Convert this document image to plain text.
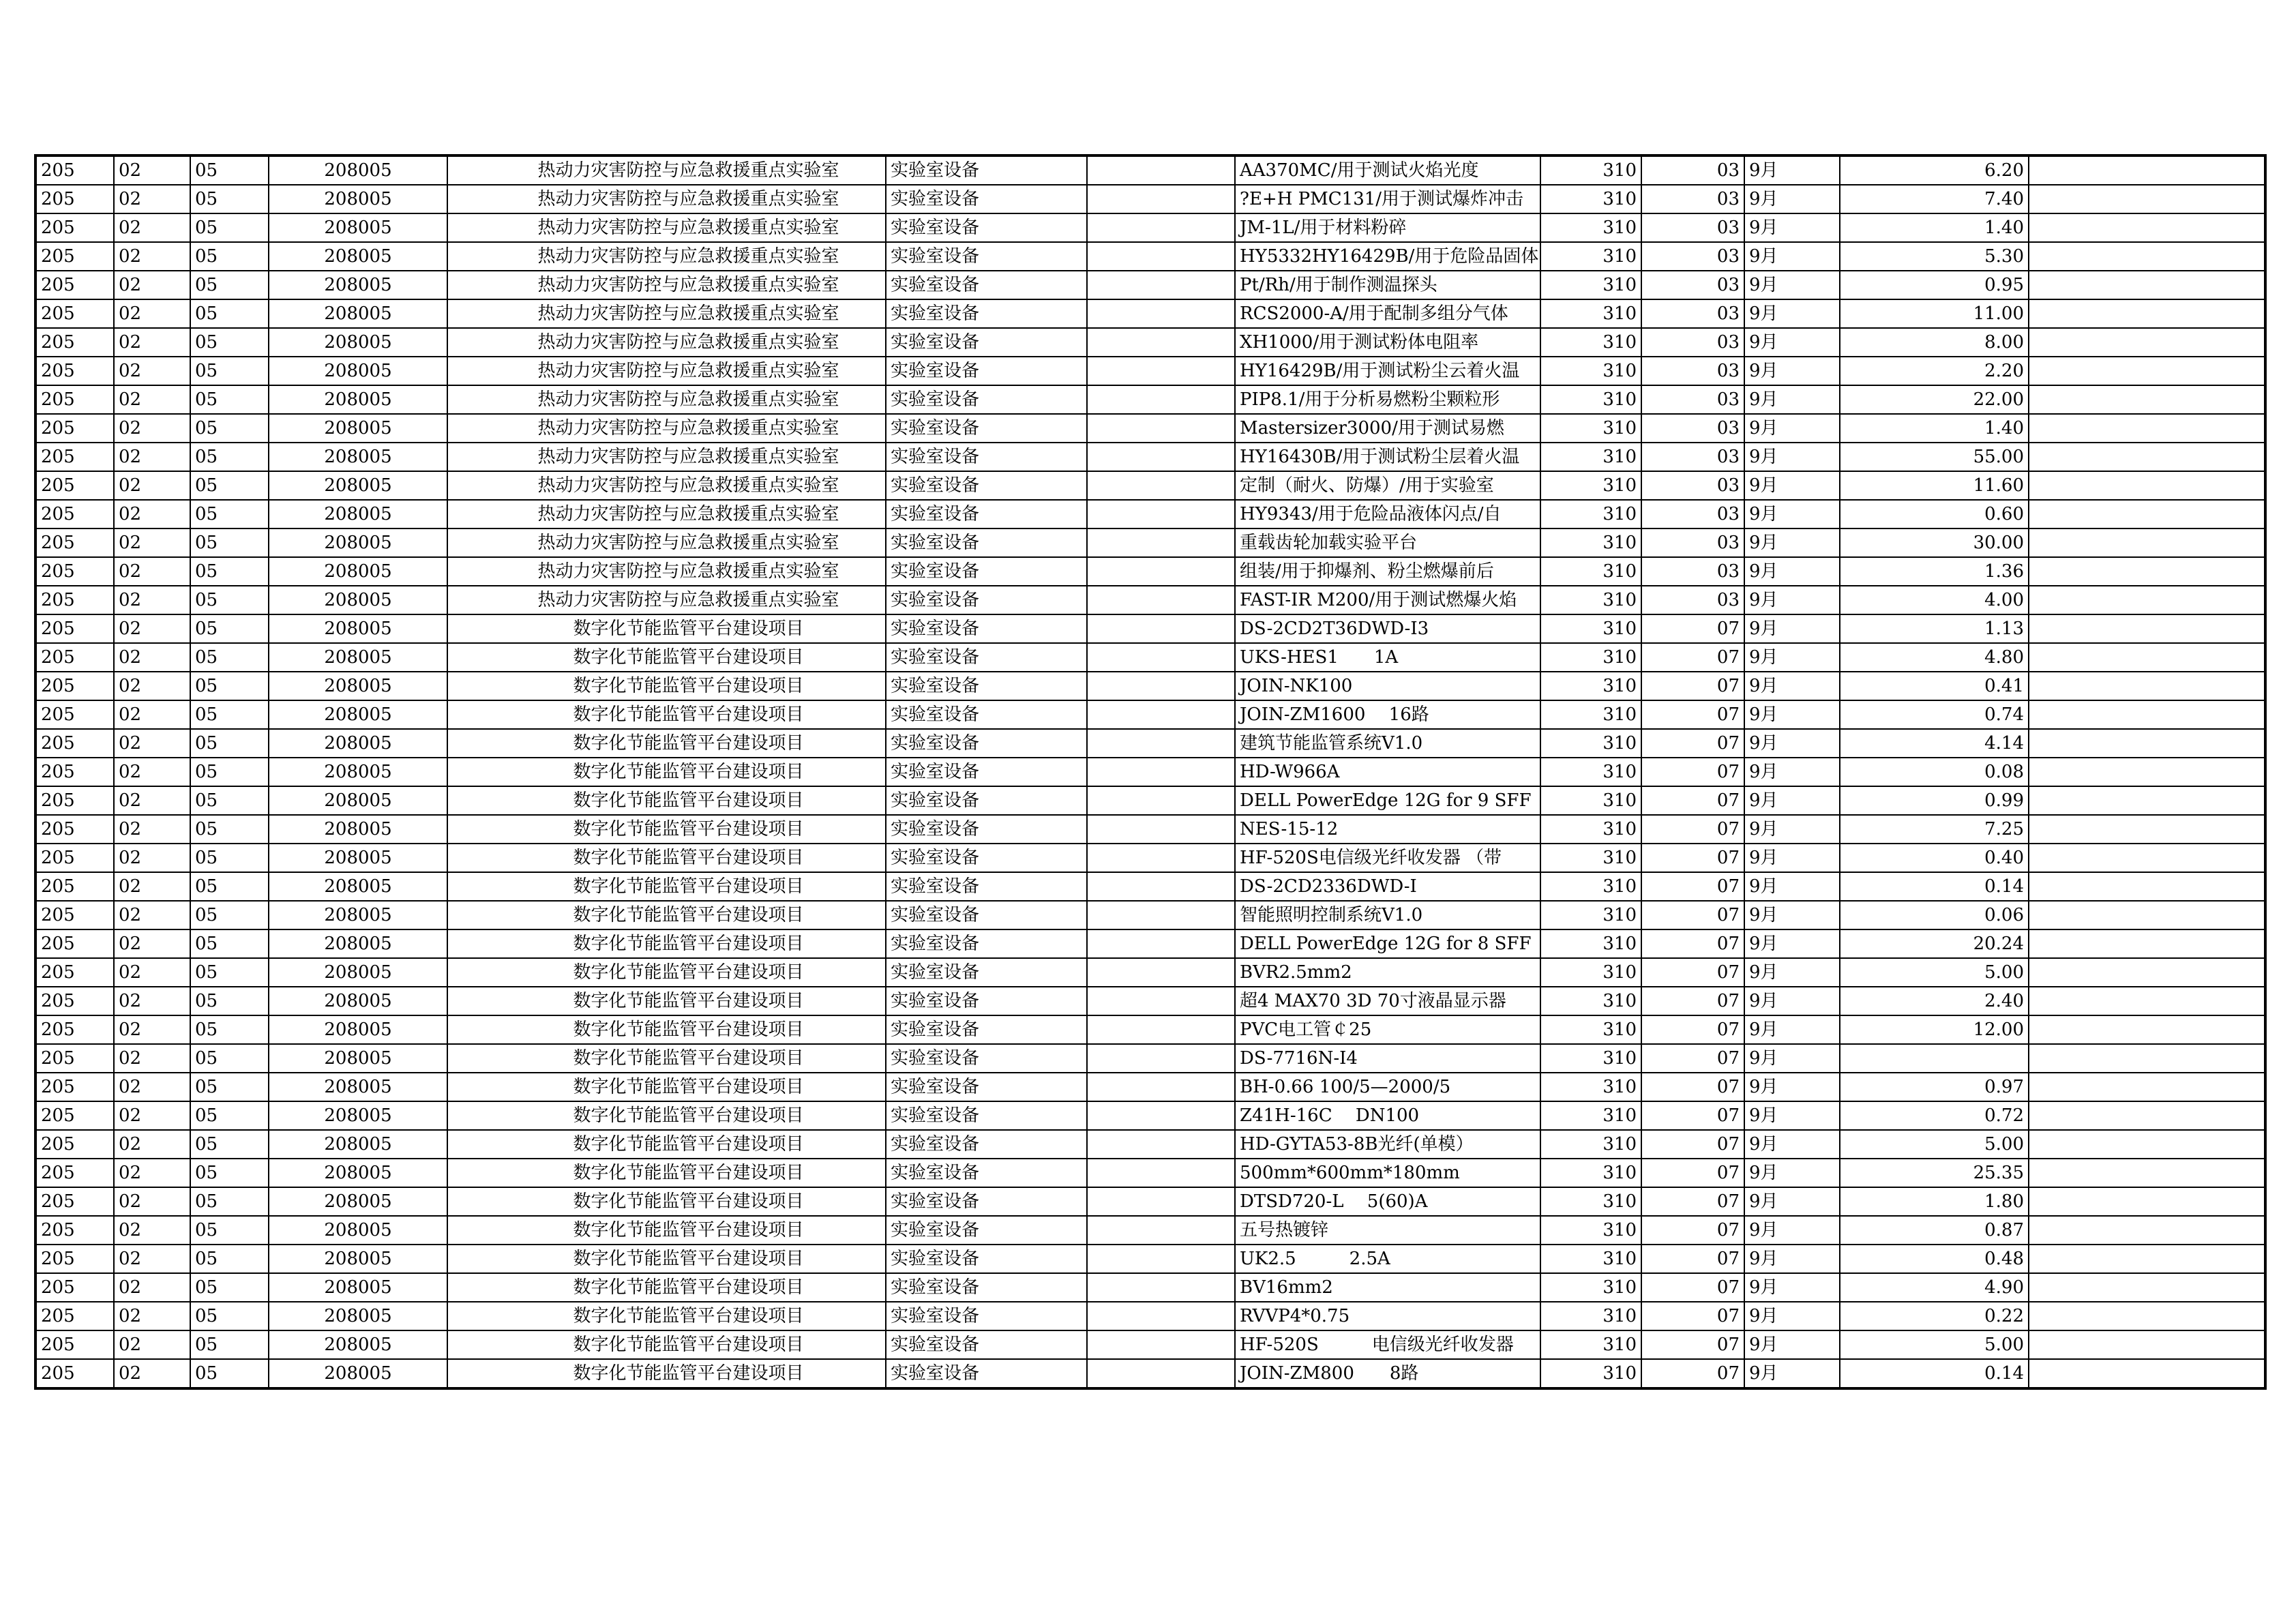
205	02	05	208005	热动力灾害防控与应急救援重点实验室	实验室设备		AA370MC/用于测试火焰光度	310	03	9月	6.20	
205	02	05	208005	热动力灾害防控与应急救援重点实验室	实验室设备		?E+H PMC131/用于测试爆炸冲击	310	03	9月	7.40	
205	02	05	208005	热动力灾害防控与应急救援重点实验室	实验室设备		JM-1L/用于材料粉碎	310	03	9月	1.40	
205	02	05	208005	热动力灾害防控与应急救援重点实验室	实验室设备		HY5332HY16429B/用于危险品固体	310	03	9月	5.30	
205	02	05	208005	热动力灾害防控与应急救援重点实验室	实验室设备		Pt/Rh/用于制作测温探头	310	03	9月	0.95	
205	02	05	208005	热动力灾害防控与应急救援重点实验室	实验室设备		RCS2000-A/用于配制多组分气体	310	03	9月	11.00	
205	02	05	208005	热动力灾害防控与应急救援重点实验室	实验室设备		XH1000/用于测试粉体电阻率	310	03	9月	8.00	
205	02	05	208005	热动力灾害防控与应急救援重点实验室	实验室设备		HY16429B/用于测试粉尘云着火温	310	03	9月	2.20	
205	02	05	208005	热动力灾害防控与应急救援重点实验室	实验室设备		PIP8.1/用于分析易燃粉尘颗粒形	310	03	9月	22.00	
205	02	05	208005	热动力灾害防控与应急救援重点实验室	实验室设备		Mastersizer3000/用于测试易燃	310	03	9月	1.40	
205	02	05	208005	热动力灾害防控与应急救援重点实验室	实验室设备		HY16430B/用于测试粉尘层着火温	310	03	9月	55.00	
205	02	05	208005	热动力灾害防控与应急救援重点实验室	实验室设备		定制（耐火、防爆）/用于实验室	310	03	9月	11.60	
205	02	05	208005	热动力灾害防控与应急救援重点实验室	实验室设备		HY9343/用于危险品液体闪点/自	310	03	9月	0.60	
205	02	05	208005	热动力灾害防控与应急救援重点实验室	实验室设备		重载齿轮加载实验平台	310	03	9月	30.00	
205	02	05	208005	热动力灾害防控与应急救援重点实验室	实验室设备		组装/用于抑爆剂、粉尘燃爆前后	310	03	9月	1.36	
205	02	05	208005	热动力灾害防控与应急救援重点实验室	实验室设备		FAST-IR M200/用于测试燃爆火焰	310	03	9月	4.00	
205	02	05	208005	数字化节能监管平台建设项目	实验室设备		DS-2CD2T36DWD-I3	310	07	9月	1.13	
205	02	05	208005	数字化节能监管平台建设项目	实验室设备		UKS-HES1　　1A	310	07	9月	4.80	
205	02	05	208005	数字化节能监管平台建设项目	实验室设备		JOIN-NK100	310	07	9月	0.41	
205	02	05	208005	数字化节能监管平台建设项目	实验室设备		JOIN-ZM1600　 16路	310	07	9月	0.74	
205	02	05	208005	数字化节能监管平台建设项目	实验室设备		建筑节能监管系统V1.0	310	07	9月	4.14	
205	02	05	208005	数字化节能监管平台建设项目	实验室设备		HD-W966A	310	07	9月	0.08	
205	02	05	208005	数字化节能监管平台建设项目	实验室设备		DELL PowerEdge 12G for 9 SFF	310	07	9月	0.99	
205	02	05	208005	数字化节能监管平台建设项目	实验室设备		NES-15-12	310	07	9月	7.25	
205	02	05	208005	数字化节能监管平台建设项目	实验室设备		HF-520S电信级光纤收发器 （带	310	07	9月	0.40	
205	02	05	208005	数字化节能监管平台建设项目	实验室设备		DS-2CD2336DWD-I	310	07	9月	0.14	
205	02	05	208005	数字化节能监管平台建设项目	实验室设备		智能照明控制系统V1.0	310	07	9月	0.06	
205	02	05	208005	数字化节能监管平台建设项目	实验室设备		DELL PowerEdge 12G for 8 SFF	310	07	9月	20.24	
205	02	05	208005	数字化节能监管平台建设项目	实验室设备		BVR2.5mm2	310	07	9月	5.00	
205	02	05	208005	数字化节能监管平台建设项目	实验室设备		超4 MAX70 3D 70寸液晶显示器	310	07	9月	2.40	
205	02	05	208005	数字化节能监管平台建设项目	实验室设备		PVC电工管￠25	310	07	9月	12.00	
205	02	05	208005	数字化节能监管平台建设项目	实验室设备		DS-7716N-I4	310	07	9月		
205	02	05	208005	数字化节能监管平台建设项目	实验室设备		BH-0.66 100/5—2000/5	310	07	9月	0.97	
205	02	05	208005	数字化节能监管平台建设项目	实验室设备		Z41H-16C　 DN100	310	07	9月	0.72	
205	02	05	208005	数字化节能监管平台建设项目	实验室设备		HD-GYTA53-8B光纤(单模）	310	07	9月	5.00	
205	02	05	208005	数字化节能监管平台建设项目	实验室设备		500mm*600mm*180mm	310	07	9月	25.35	
205	02	05	208005	数字化节能监管平台建设项目	实验室设备		DTSD720-L　 5(60)A	310	07	9月	1.80	
205	02	05	208005	数字化节能监管平台建设项目	实验室设备		五号热镀锌	310	07	9月	0.87	
205	02	05	208005	数字化节能监管平台建设项目	实验室设备		UK2.5　　　2.5A	310	07	9月	0.48	
205	02	05	208005	数字化节能监管平台建设项目	实验室设备		BV16mm2	310	07	9月	4.90	
205	02	05	208005	数字化节能监管平台建设项目	实验室设备		RVVP4*0.75	310	07	9月	0.22	
205	02	05	208005	数字化节能监管平台建设项目	实验室设备		HF-520S　　　电信级光纤收发器	310	07	9月	5.00	
205	02	05	208005	数字化节能监管平台建设项目	实验室设备		JOIN-ZM800　　8路	310	07	9月	0.14	
